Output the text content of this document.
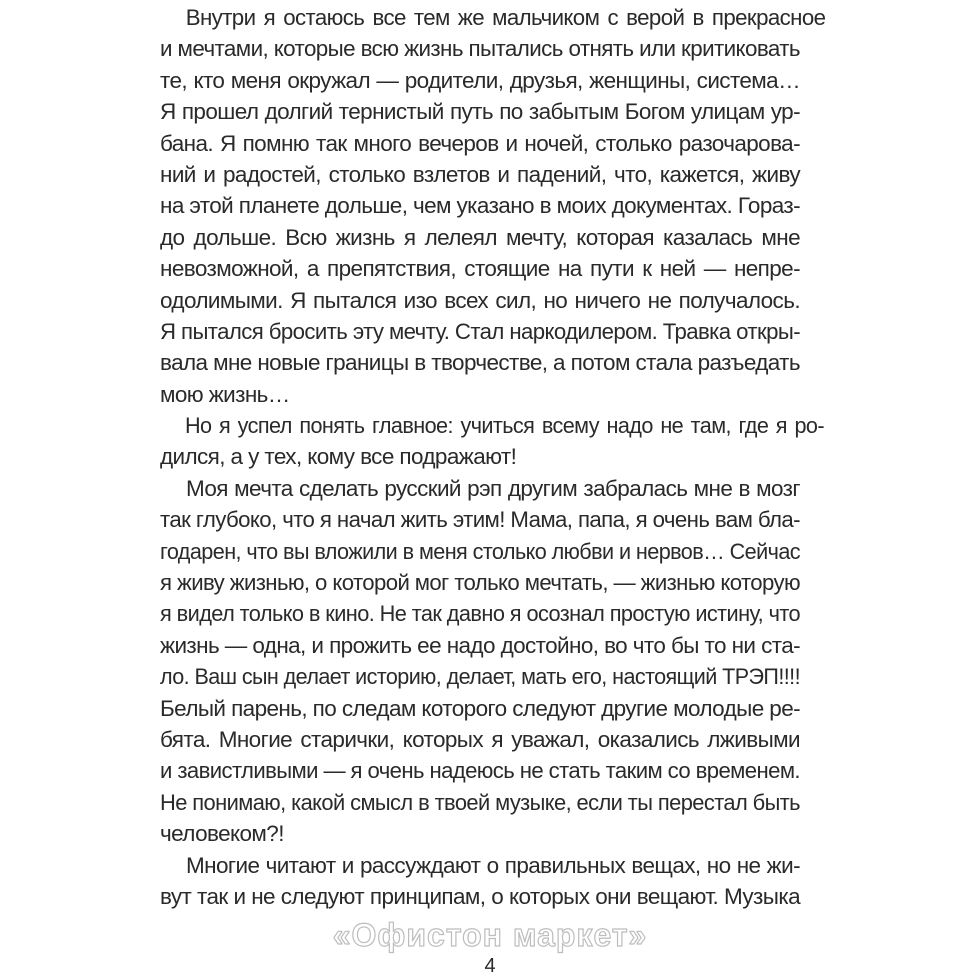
Внутри я остаюсь все тем же мальчиком с верой в прекрасное
и мечтами, которые всю жизнь пытались отнять или критиковать
те, кто меня окружал — родители, друзья, женщины, система…
Я прошел долгий тернистый путь по забытым Богом улицам ур-
бана. Я помню так много вечеров и ночей, столько разочарова-
ний и радостей, столько взлетов и падений, что, кажется, живу
на этой планете дольше, чем указано в моих документах. Гораз-
до дольше. Всю жизнь я лелеял мечту, которая казалась мне
невозможной, а препятствия, стоящие на пути к ней — непре-
одолимыми. Я пытался изо всех сил, но ничего не получалось.
Я пытался бросить эту мечту. Стал наркодилером. Травка откры-
вала мне новые границы в творчестве, а потом стала разъедать
мою жизнь…
Но я успел понять главное: учиться всему надо не там, где я ро-
дился, а у тех, кому все подражают!
Моя мечта сделать русский рэп другим забралась мне в мозг
так глубоко, что я начал жить этим! Мама, папа, я очень вам бла-
годарен, что вы вложили в меня столько любви и нервов… Сейчас
я живу жизнью, о которой мог только мечтать, — жизнью которую
я видел только в кино. Не так давно я осознал простую истину, что
жизнь — одна, и прожить ее надо достойно, во что бы то ни ста-
ло. Ваш сын делает историю, делает, мать его, настоящий ТРЭП!!!!
Белый парень, по следам которого следуют другие молодые ре-
бята. Многие старички, которых я уважал, оказались лживыми
и завистливыми — я очень надеюсь не стать таким со временем.
Не понимаю, какой смысл в твоей музыке, если ты перестал быть
человеком?!
Многие читают и рассуждают о правильных вещах, но не жи-
вут так и не следуют принципам, о которых они вещают. Музыка
«Офистон маркет»
4
